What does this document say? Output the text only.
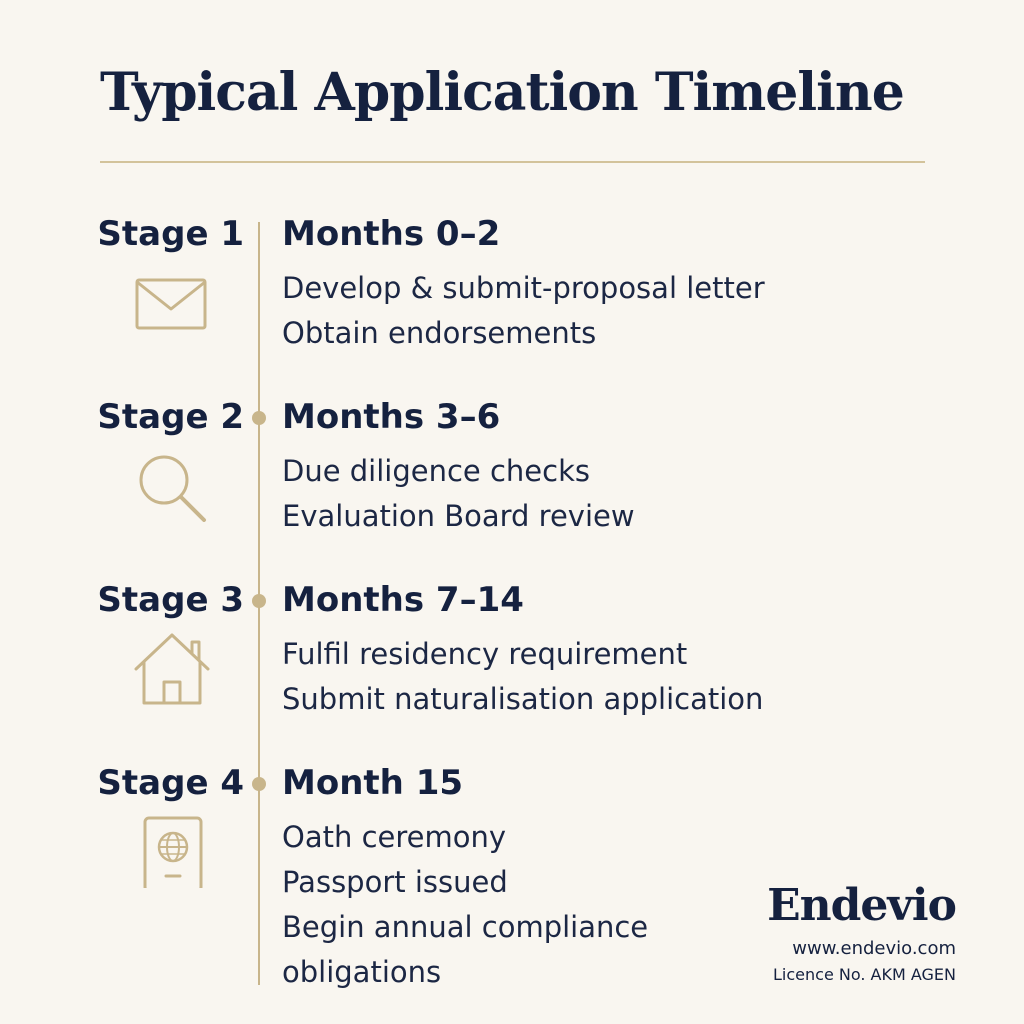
Typical Application Timeline
Stage 1 Months 0–2
Develop & submit-proposal letter
Obtain endorsements
Stage 2 Months 3–6
Due diligence checks
Evaluation Board review
Stage 3 Months 7–14
Fulfil residency requirement
Submit naturalisation application
Stage 4 Month 15
Oath ceremony
Passport issued
Begin annual compliance
obligations
Endevio
www.endevio.com
Licence No. AKM AGEN
